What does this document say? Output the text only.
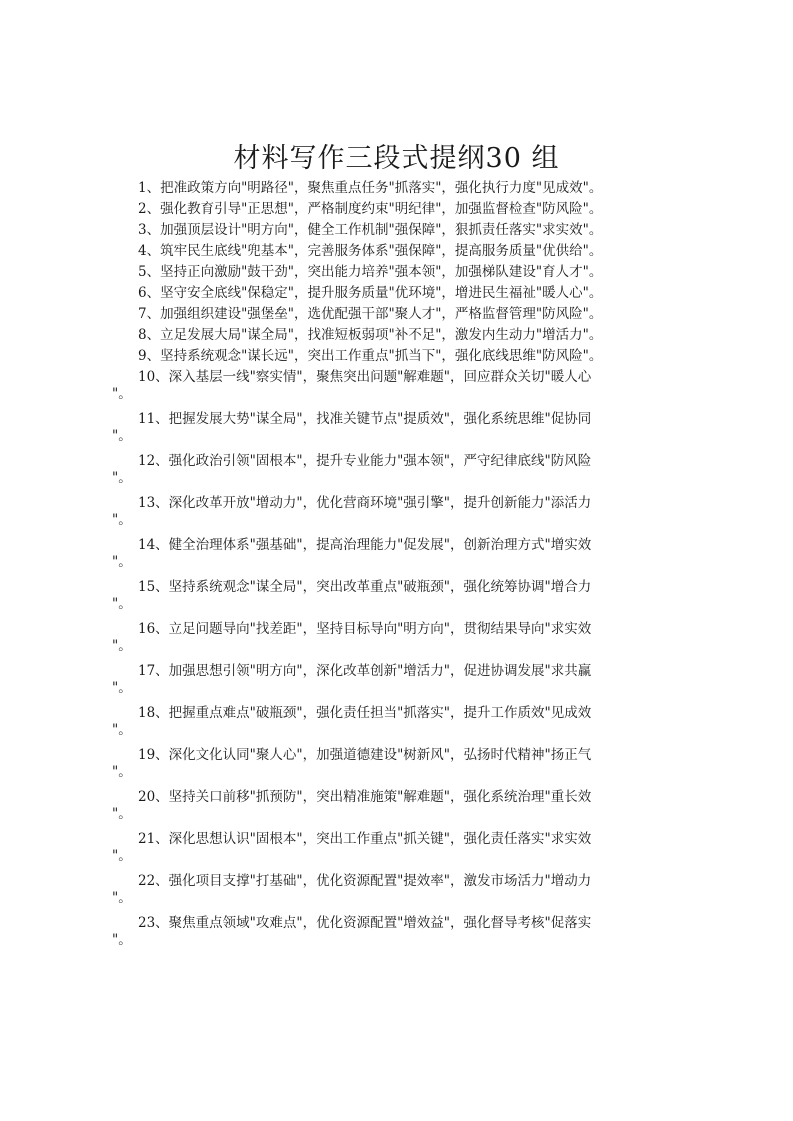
材料写作三段式提纲30 组
1、把准政策方向"明路径"，聚焦重点任务"抓落实"，强化执行力度"见成效"。
2、强化教育引导"正思想"，严格制度约束"明纪律"，加强监督检查"防风险"。
3、加强顶层设计"明方向"，健全工作机制"强保障"，狠抓责任落实"求实效"。
4、筑牢民生底线"兜基本"，完善服务体系"强保障"，提高服务质量"优供给"。
5、坚持正向激励"鼓干劲"，突出能力培养"强本领"，加强梯队建设"育人才"。
6、坚守安全底线"保稳定"，提升服务质量"优环境"，增进民生福祉"暖人心"。
7、加强组织建设"强堡垒"，选优配强干部"聚人才"，严格监督管理"防风险"。
8、立足发展大局"谋全局"，找准短板弱项"补不足"，激发内生动力"增活力"。
9、坚持系统观念"谋长远"，突出工作重点"抓当下"，强化底线思维"防风险"。
10、深入基层一线"察实情"，聚焦突出问题"解难题"，回应群众关切"暖人心
"。
11、把握发展大势"谋全局"，找准关键节点"提质效"，强化系统思维"促协同
"。
12、强化政治引领"固根本"，提升专业能力"强本领"，严守纪律底线"防风险
"。
13、深化改革开放"增动力"，优化营商环境"强引擎"，提升创新能力"添活力
"。
14、健全治理体系"强基础"，提高治理能力"促发展"，创新治理方式"增实效
"。
15、坚持系统观念"谋全局"，突出改革重点"破瓶颈"，强化统筹协调"增合力
"。
16、立足问题导向"找差距"，坚持目标导向"明方向"，贯彻结果导向"求实效
"。
17、加强思想引领"明方向"，深化改革创新"增活力"，促进协调发展"求共赢
"。
18、把握重点难点"破瓶颈"，强化责任担当"抓落实"，提升工作质效"见成效
"。
19、深化文化认同"聚人心"，加强道德建设"树新风"，弘扬时代精神"扬正气
"。
20、坚持关口前移"抓预防"，突出精准施策"解难题"，强化系统治理"重长效
"。
21、深化思想认识"固根本"，突出工作重点"抓关键"，强化责任落实"求实效
"。
22、强化项目支撑"打基础"，优化资源配置"提效率"，激发市场活力"增动力
"。
23、聚焦重点领域"攻难点"，优化资源配置"增效益"，强化督导考核"促落实
"。
